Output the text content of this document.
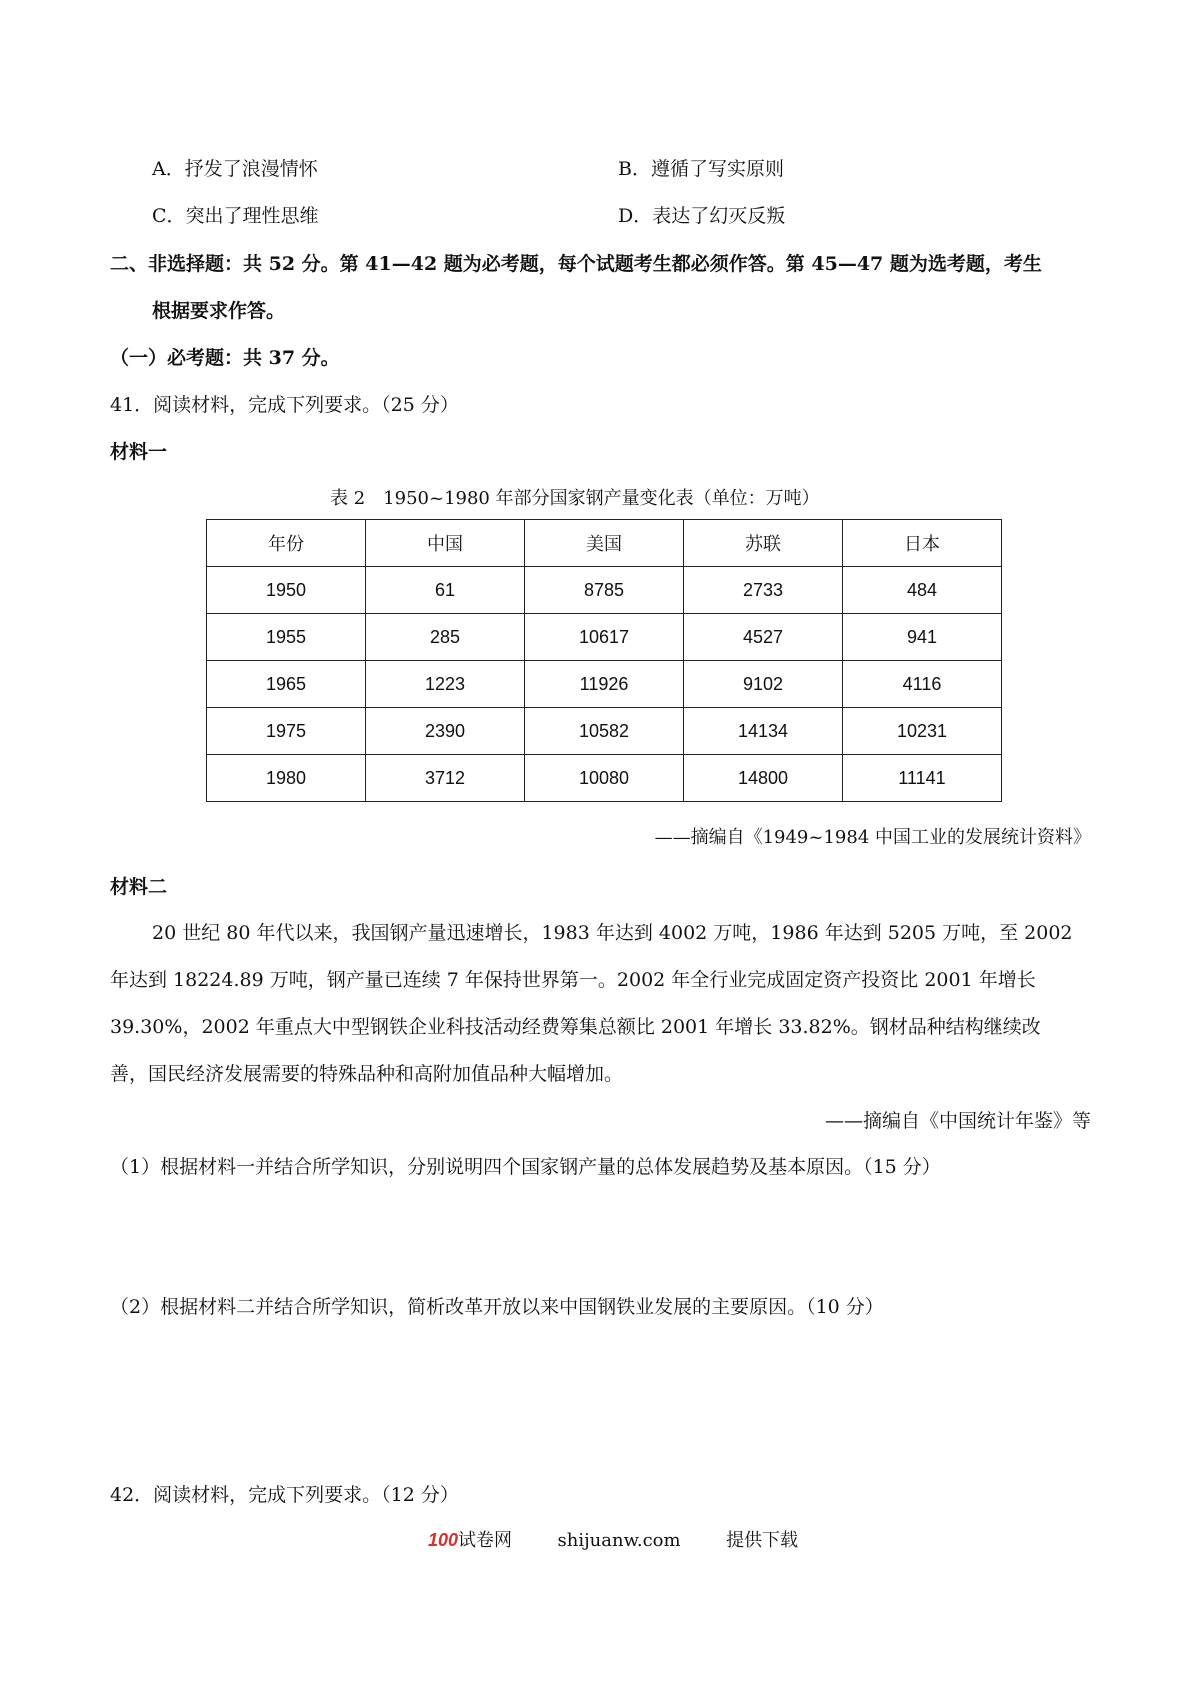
A．抒发了浪漫情怀	B．遵循了写实原则
C．突出了理性思维	D．表达了幻灭反叛
二、非选择题：共 52 分。第 41—42 题为必考题，每个试题考生都必须作答。第 45—47 题为选考题，考生
根据要求作答。
（一）必考题：共 37 分。
41．阅读材料，完成下列要求。（25 分）
材料一
表 2　1950~1980 年部分国家钢产量变化表（单位：万吨）
年份	中国	美国	苏联	日本
1950	61	8785	2733	484
1955	285	10617	4527	941
1965	1223	11926	9102	4116
1975	2390	10582	14134	10231
1980	3712	10080	14800	11141
——摘编自《1949~1984 中国工业的发展统计资料》
材料二
20 世纪 80 年代以来，我国钢产量迅速增长，1983 年达到 4002 万吨，1986 年达到 5205 万吨，至 2002
年达到 18224.89 万吨，钢产量已连续 7 年保持世界第一。2002 年全行业完成固定资产投资比 2001 年增长
39.30%，2002 年重点大中型钢铁企业科技活动经费筹集总额比 2001 年增长 33.82%。钢材品种结构继续改
善，国民经济发展需要的特殊品种和高附加值品种大幅增加。
——摘编自《中国统计年鉴》等
（1）根据材料一并结合所学知识，分别说明四个国家钢产量的总体发展趋势及基本原因。（15 分）
（2）根据材料二并结合所学知识，简析改革开放以来中国钢铁业发展的主要原因。（10 分）
42．阅读材料，完成下列要求。（12 分）
100试卷网	shijuanw.com	提供下载
